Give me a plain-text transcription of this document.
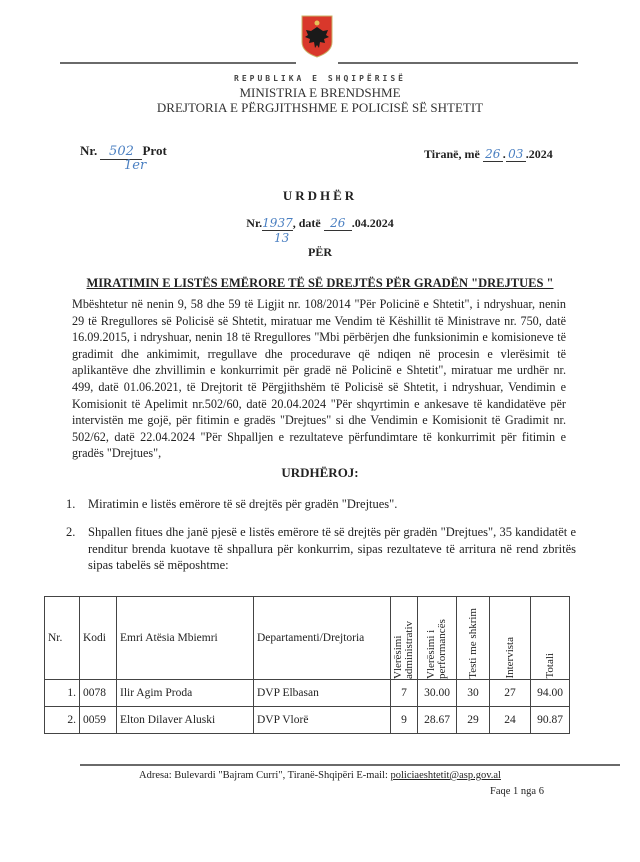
REPUBLIKA E SHQIPËRISË
MINISTRIA E BRENDSHME
DREJTORIA E PËRGJITHSHME E POLICISË SË SHTETIT
Nr. 502 Prot
1er
Tiranë, më 26 . 03 .2024
URDHËR
Nr.1937, datë 26 .04.2024
13
PËR
MIRATIMIN E LISTËS EMËRORE TË SË DREJTËS PËR GRADËN "DREJTUES "
Mbështetur në nenin 9, 58 dhe 59 të Ligjit nr. 108/2014 "Për Policinë e Shtetit", i ndryshuar, nenin 29 të Rregullores së Policisë së Shtetit, miratuar me Vendim të Këshillit të Ministrave nr. 750, datë 16.09.2015, i ndryshuar, nenin 18 të Rregullores "Mbi përbërjen dhe funksionimin e komisioneve të gradimit dhe ankimimit, rregullave dhe procedurave që ndiqen në procesin e vlerësimit të aplikantëve dhe zhvillimin e konkurrimit për gradë në Policinë e Shtetit", miratuar me urdhër nr. 499, datë 01.06.2021, të Drejtorit të Përgjithshëm të Policisë së Shtetit, i ndryshuar, Vendimin e Komisionit të Apelimit nr.502/60, datë 20.04.2024 "Për shqyrtimin e ankesave të kandidatëve për intervistën me gojë, për fitimin e gradës "Drejtues" si dhe Vendimin e Komisionit të Gradimit nr. 502/62, datë 22.04.2024 "Për Shpalljen e rezultateve përfundimtare të konkurrimit për fitimin e gradës "Drejtues",
URDHËROJ:
1.	Miratimin e listës emërore të së drejtës për gradën "Drejtues".
2.	Shpallen fitues dhe janë pjesë e listës emërore të së drejtës për gradën "Drejtues", 35 kandidatët e renditur brenda kuotave të shpallura për konkurrim, sipas rezultateve të arritura në rend zbritës sipas tabelës së mëposhtme:
Nr.	Kodi	Emri Atësia Mbiemri	Departamenti/Drejtoria	Vlerësimi administrativ	Vlerësimi i performancës	Testi me shkrim	Intervista	Totali

1.	0078	Ilir Agim Proda	DVP Elbasan	7	30.00	30	27	94.00
2.	0059	Elton Dilaver Aluski	DVP Vlorë	9	28.67	29	24	90.87
Adresa: Bulevardi "Bajram Curri", Tiranë-Shqipëri E-mail: policiaeshtetit@asp.gov.al
Faqe 1 nga 6
